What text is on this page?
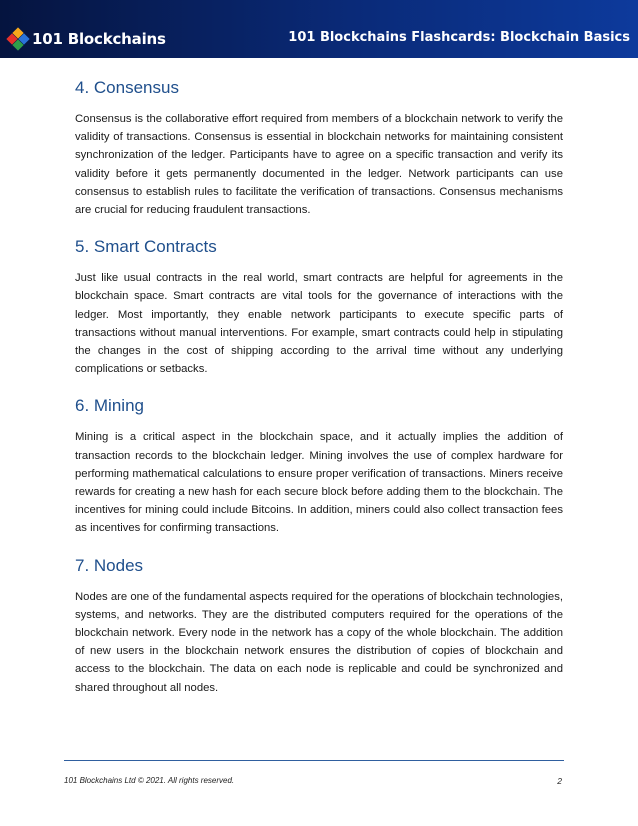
101 Blockchains	101 Blockchains Flashcards: Blockchain Basics
4. Consensus

Consensus is the collaborative effort required from members of a blockchain network to verify the validity of transactions. Consensus is essential in blockchain networks for maintaining consistent synchronization of the ledger. Participants have to agree on a specific transaction and verify its validity before it gets permanently documented in the ledger. Network participants can use consensus to establish rules to facilitate the verification of transactions. Consensus mechanisms are crucial for reducing fraudulent transactions.

5. Smart Contracts

Just like usual contracts in the real world, smart contracts are helpful for agreements in the blockchain space. Smart contracts are vital tools for the governance of interactions with the ledger. Most importantly, they enable network participants to execute specific parts of transactions without manual interventions. For example, smart contracts could help in stipulating the changes in the cost of shipping according to the arrival time without any underlying complications or setbacks.

6. Mining

Mining is a critical aspect in the blockchain space, and it actually implies the addition of transaction records to the blockchain ledger. Mining involves the use of complex hardware for performing mathematical calculations to ensure proper verification of transactions. Miners receive rewards for creating a new hash for each secure block before adding them to the blockchain. The incentives for mining could include Bitcoins. In addition, miners could also collect transaction fees as incentives for confirming transactions.

7. Nodes

Nodes are one of the fundamental aspects required for the operations of blockchain technologies, systems, and networks. They are the distributed computers required for the operations of the blockchain network. Every node in the network has a copy of the whole blockchain. The addition of new users in the blockchain network ensures the distribution of copies of blockchain and access to the blockchain. The data on each node is replicable and could be synchronized and shared throughout all nodes.

101 Blockchains Ltd © 2021. All rights reserved.	2
